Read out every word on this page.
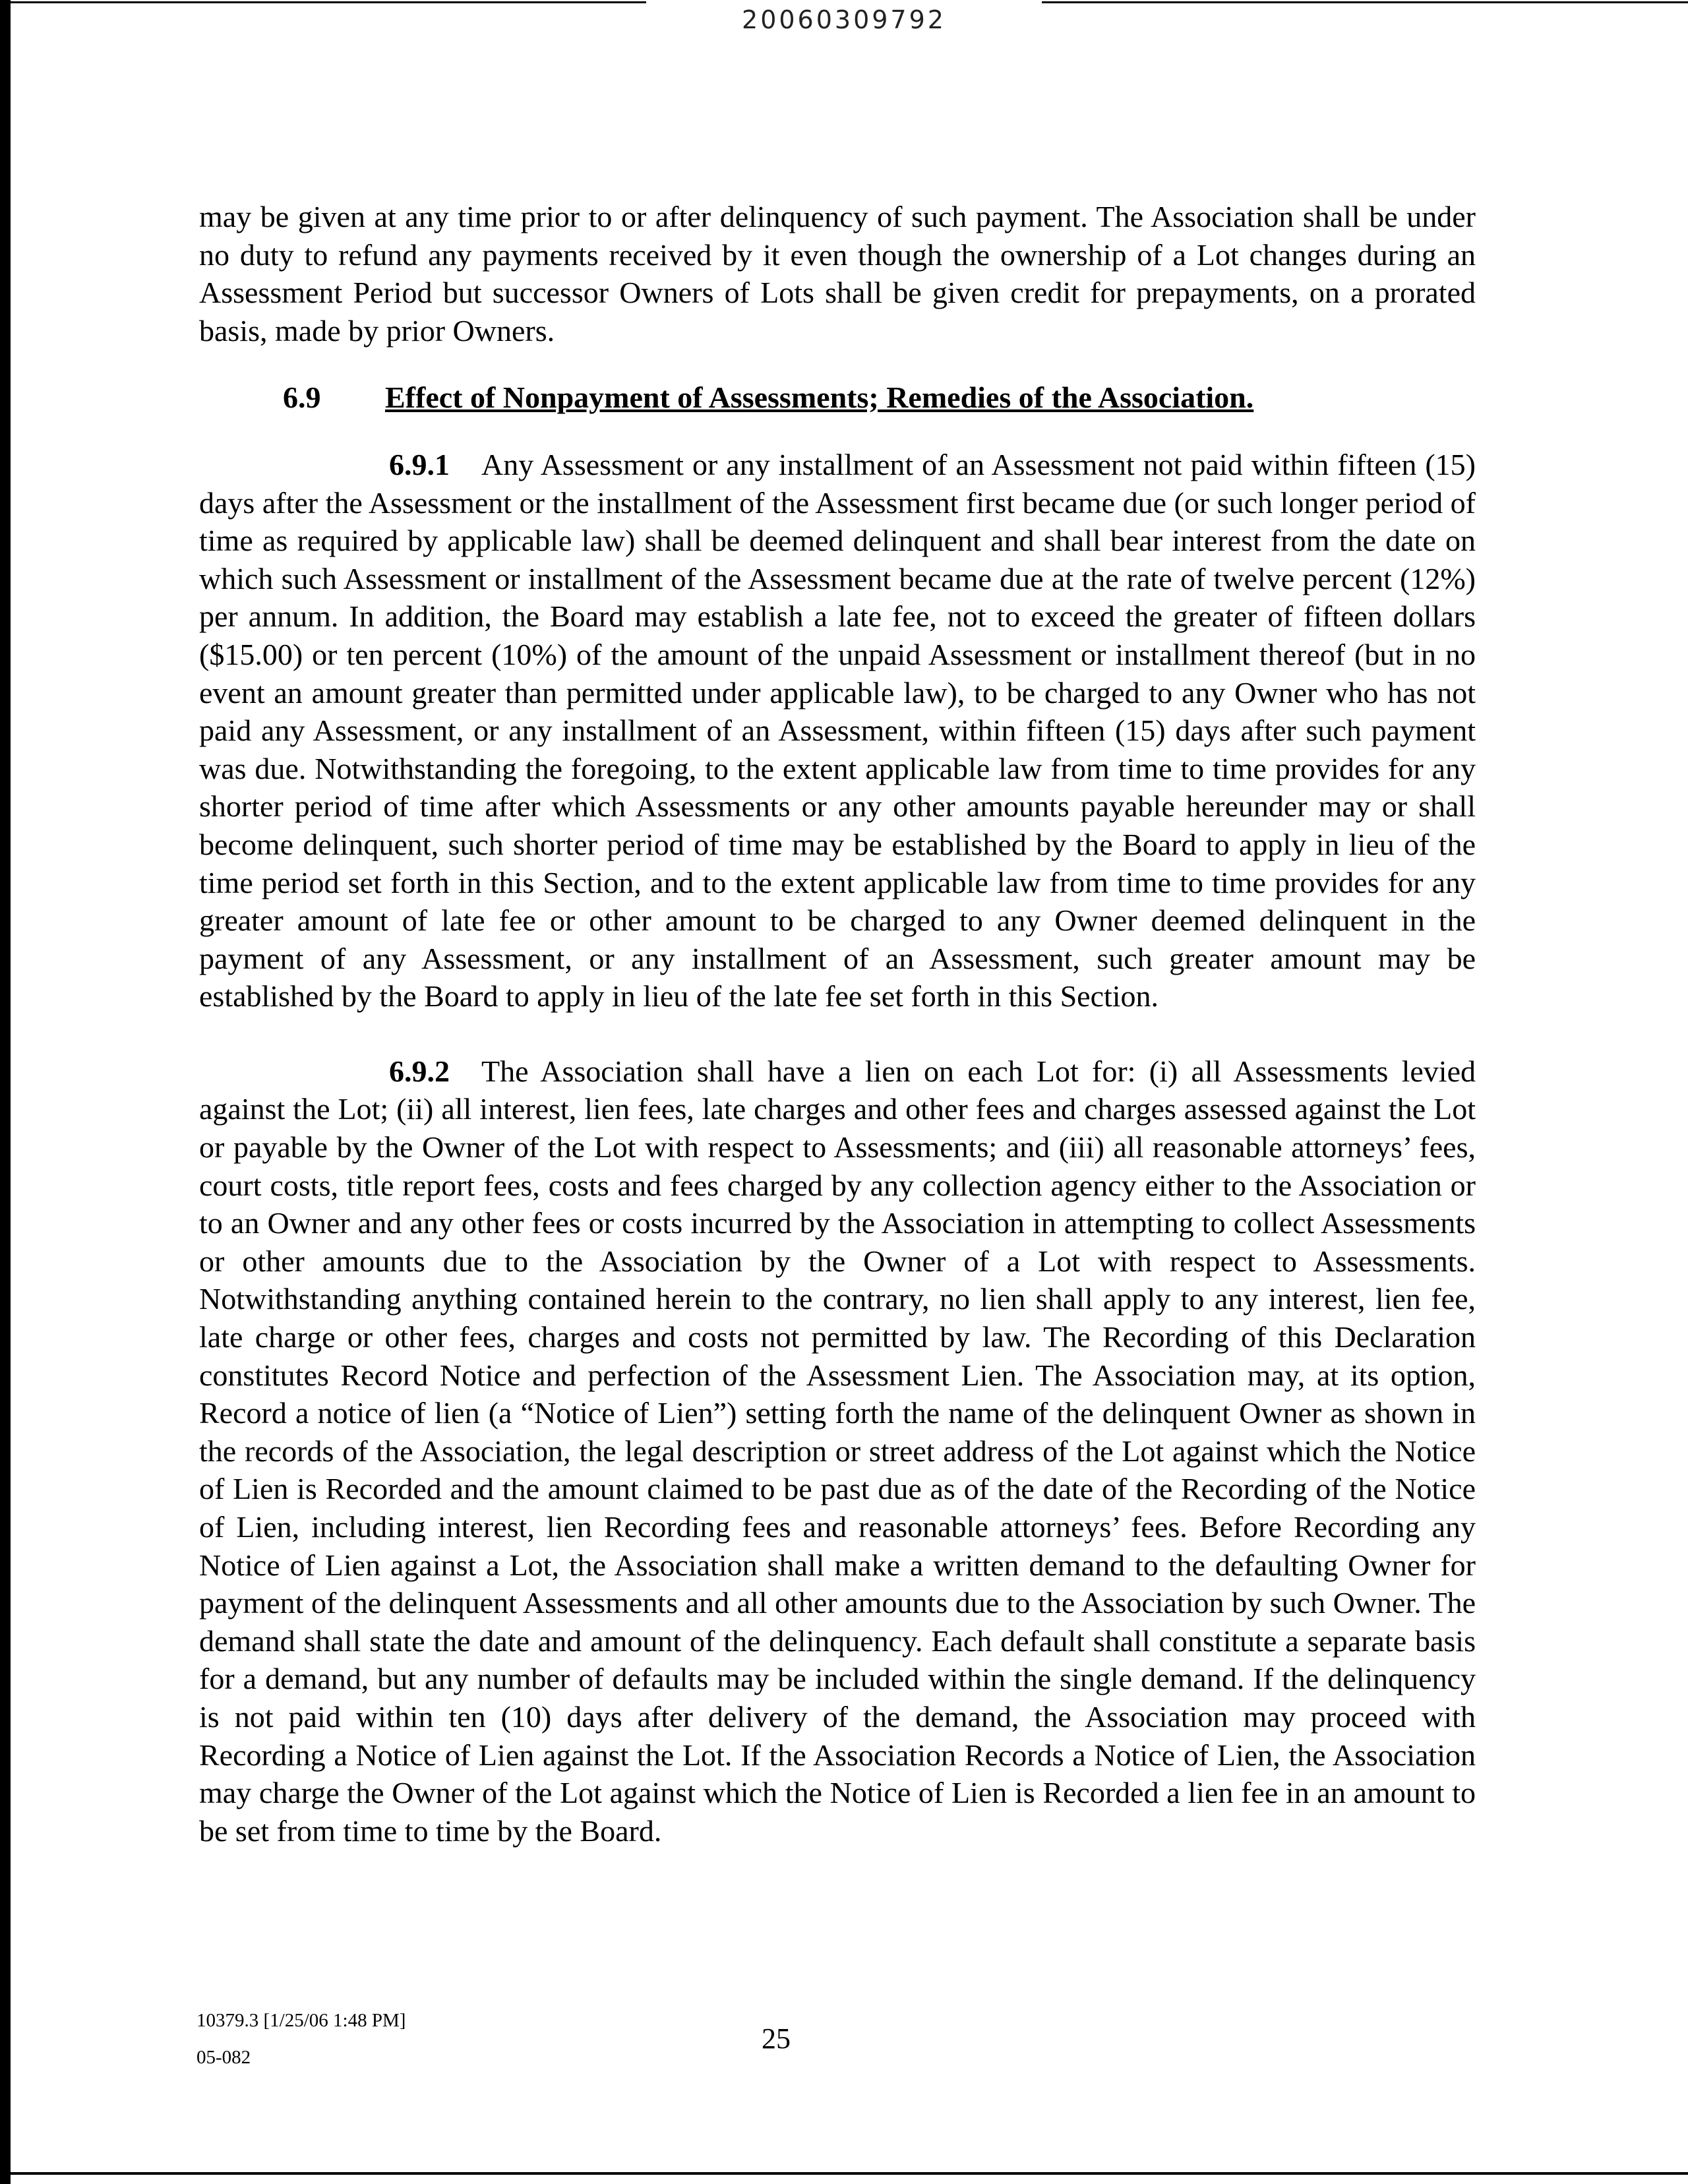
20060309792

may be given at any time prior to or after delinquency of such payment. The Association shall be under no duty to refund any payments received by it even though the ownership of a Lot changes during an Assessment Period but successor Owners of Lots shall be given credit for prepayments, on a prorated basis, made by prior Owners.

6.9 Effect of Nonpayment of Assessments; Remedies of the Association.

6.9.1 Any Assessment or any installment of an Assessment not paid within fifteen (15) days after the Assessment or the installment of the Assessment first became due (or such longer period of time as required by applicable law) shall be deemed delinquent and shall bear interest from the date on which such Assessment or installment of the Assessment became due at the rate of twelve percent (12%) per annum. In addition, the Board may establish a late fee, not to exceed the greater of fifteen dollars ($15.00) or ten percent (10%) of the amount of the unpaid Assessment or installment thereof (but in no event an amount greater than permitted under applicable law), to be charged to any Owner who has not paid any Assessment, or any installment of an Assessment, within fifteen (15) days after such payment was due. Notwithstanding the foregoing, to the extent applicable law from time to time provides for any shorter period of time after which Assessments or any other amounts payable hereunder may or shall become delinquent, such shorter period of time may be established by the Board to apply in lieu of the time period set forth in this Section, and to the extent applicable law from time to time provides for any greater amount of late fee or other amount to be charged to any Owner deemed delinquent in the payment of any Assessment, or any installment of an Assessment, such greater amount may be established by the Board to apply in lieu of the late fee set forth in this Section.

6.9.2 The Association shall have a lien on each Lot for: (i) all Assessments levied against the Lot; (ii) all interest, lien fees, late charges and other fees and charges assessed against the Lot or payable by the Owner of the Lot with respect to Assessments; and (iii) all reasonable attorneys’ fees, court costs, title report fees, costs and fees charged by any collection agency either to the Association or to an Owner and any other fees or costs incurred by the Association in attempting to collect Assessments or other amounts due to the Association by the Owner of a Lot with respect to Assessments. Notwithstanding anything contained herein to the contrary, no lien shall apply to any interest, lien fee, late charge or other fees, charges and costs not permitted by law. The Recording of this Declaration constitutes Record Notice and perfection of the Assessment Lien. The Association may, at its option, Record a notice of lien (a “Notice of Lien”) setting forth the name of the delinquent Owner as shown in the records of the Association, the legal description or street address of the Lot against which the Notice of Lien is Recorded and the amount claimed to be past due as of the date of the Recording of the Notice of Lien, including interest, lien Recording fees and reasonable attorneys’ fees. Before Recording any Notice of Lien against a Lot, the Association shall make a written demand to the defaulting Owner for payment of the delinquent Assessments and all other amounts due to the Association by such Owner. The demand shall state the date and amount of the delinquency. Each default shall constitute a separate basis for a demand, but any number of defaults may be included within the single demand. If the delinquency is not paid within ten (10) days after delivery of the demand, the Association may proceed with Recording a Notice of Lien against the Lot. If the Association Records a Notice of Lien, the Association may charge the Owner of the Lot against which the Notice of Lien is Recorded a lien fee in an amount to be set from time to time by the Board.

10379.3 [1/25/06 1:48 PM]
05-082
25
